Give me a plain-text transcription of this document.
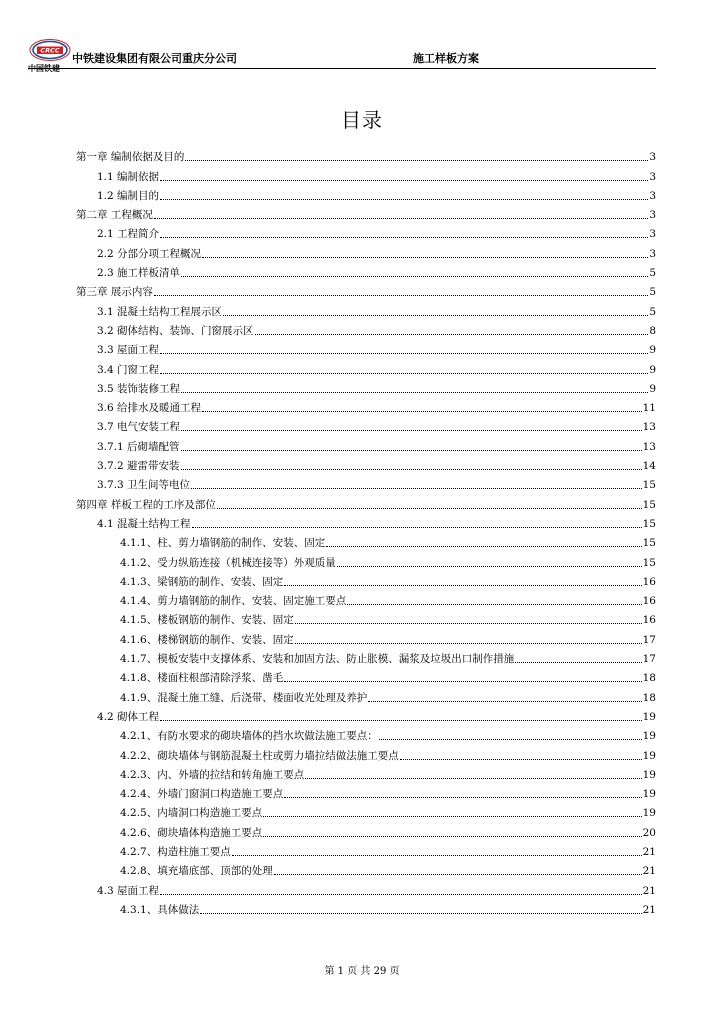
CRCC
中国铁建
中铁建设集团有限公司重庆分公司	施工样板方案
目录
第一章 编制依据及目的	3
1.1 编制依据	3
1.2 编制目的	3
第二章 工程概况	3
2.1 工程简介	3
2.2 分部分项工程概况	3
2.3 施工样板清单	5
第三章 展示内容	5
3.1 混凝土结构工程展示区	5
3.2 砌体结构、装饰、门窗展示区	8
3.3 屋面工程	9
3.4 门窗工程	9
3.5 装饰装修工程	9
3.6 给排水及暖通工程	11
3.7 电气安装工程	13
3.7.1 后砌墙配管	13
3.7.2 避雷带安装	14
3.7.3 卫生间等电位	15
第四章 样板工程的工序及部位	15
4.1 混凝土结构工程	15
4.1.1、柱、剪力墙钢筋的制作、安装、固定	15
4.1.2、受力纵筋连接（机械连接等）外观质量	15
4.1.3、梁钢筋的制作、安装、固定	16
4.1.4、剪力墙钢筋的制作、安装、固定施工要点	16
4.1.5、楼板钢筋的制作、安装、固定	16
4.1.6、楼梯钢筋的制作、安装、固定	17
4.1.7、模板安装中支撑体系、安装和加固方法、防止胀模、漏浆及垃圾出口制作措施	17
4.1.8、楼面柱根部清除浮浆、凿毛	18
4.1.9、混凝土施工缝、后浇带、楼面收光处理及养护	18
4.2 砌体工程	19
4.2.1、有防水要求的砌块墙体的挡水坎做法施工要点：	19
4.2.2、砌块墙体与钢筋混凝土柱或剪力墙拉结做法施工要点	19
4.2.3、内、外墙的拉结和转角施工要点	19
4.2.4、外墙门窗洞口构造施工要点	19
4.2.5、内墙洞口构造施工要点	19
4.2.6、砌块墙体构造施工要点	20
4.2.7、构造柱施工要点	21
4.2.8、填充墙底部、顶部的处理	21
4.3 屋面工程	21
4.3.1、具体做法	21
第 1 页 共 29 页
